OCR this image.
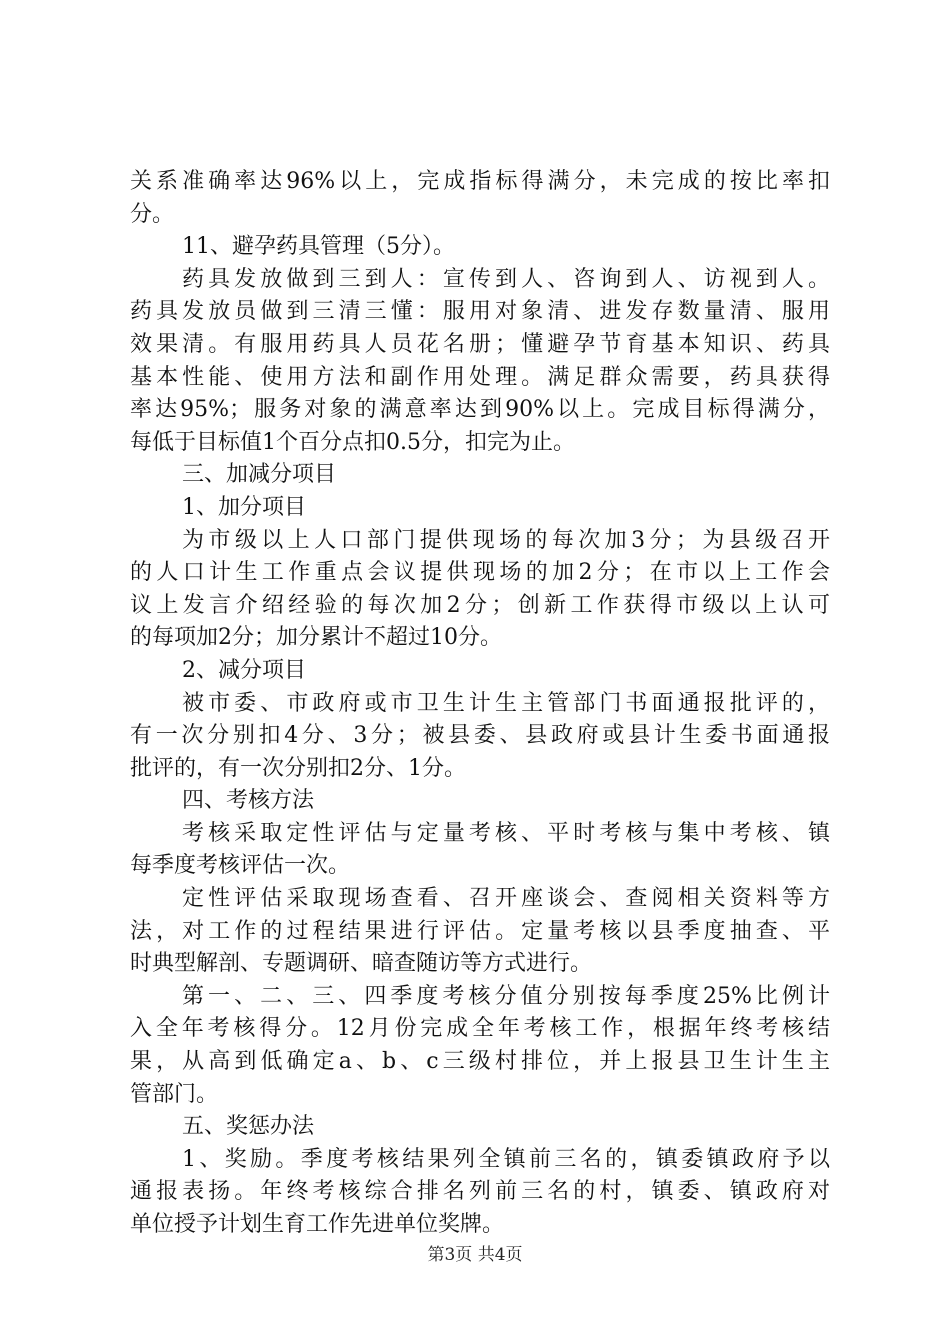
关系准确率达96%以上，完成指标得满分，未完成的按比率扣
分。
11、避孕药具管理（5分）。
药具发放做到三到人：宣传到人、咨询到人、访视到人。
药具发放员做到三清三懂：服用对象清、进发存数量清、服用
效果清。有服用药具人员花名册；懂避孕节育基本知识、药具
基本性能、使用方法和副作用处理。满足群众需要，药具获得
率达95%；服务对象的满意率达到90%以上。完成目标得满分，
每低于目标值1个百分点扣0.5分，扣完为止。
三、加减分项目
1、加分项目
为市级以上人口部门提供现场的每次加3分；为县级召开
的人口计生工作重点会议提供现场的加2分；在市以上工作会
议上发言介绍经验的每次加2分；创新工作获得市级以上认可
的每项加2分；加分累计不超过10分。
2、减分项目
被市委、市政府或市卫生计生主管部门书面通报批评的，
有一次分别扣4分、3分；被县委、县政府或县计生委书面通报
批评的，有一次分别扣2分、1分。
四、考核方法
考核采取定性评估与定量考核、平时考核与集中考核、镇
每季度考核评估一次。
定性评估采取现场查看、召开座谈会、查阅相关资料等方
法，对工作的过程结果进行评估。定量考核以县季度抽查、平
时典型解剖、专题调研、暗查随访等方式进行。
第一、二、三、四季度考核分值分别按每季度25%比例计
入全年考核得分。12月份完成全年考核工作，根据年终考核结
果，从高到低确定a、b、c三级村排位，并上报县卫生计生主
管部门。
五、奖惩办法
1、奖励。季度考核结果列全镇前三名的，镇委镇政府予以
通报表扬。年终考核综合排名列前三名的村，镇委、镇政府对
单位授予计划生育工作先进单位奖牌。
第3页 共4页
